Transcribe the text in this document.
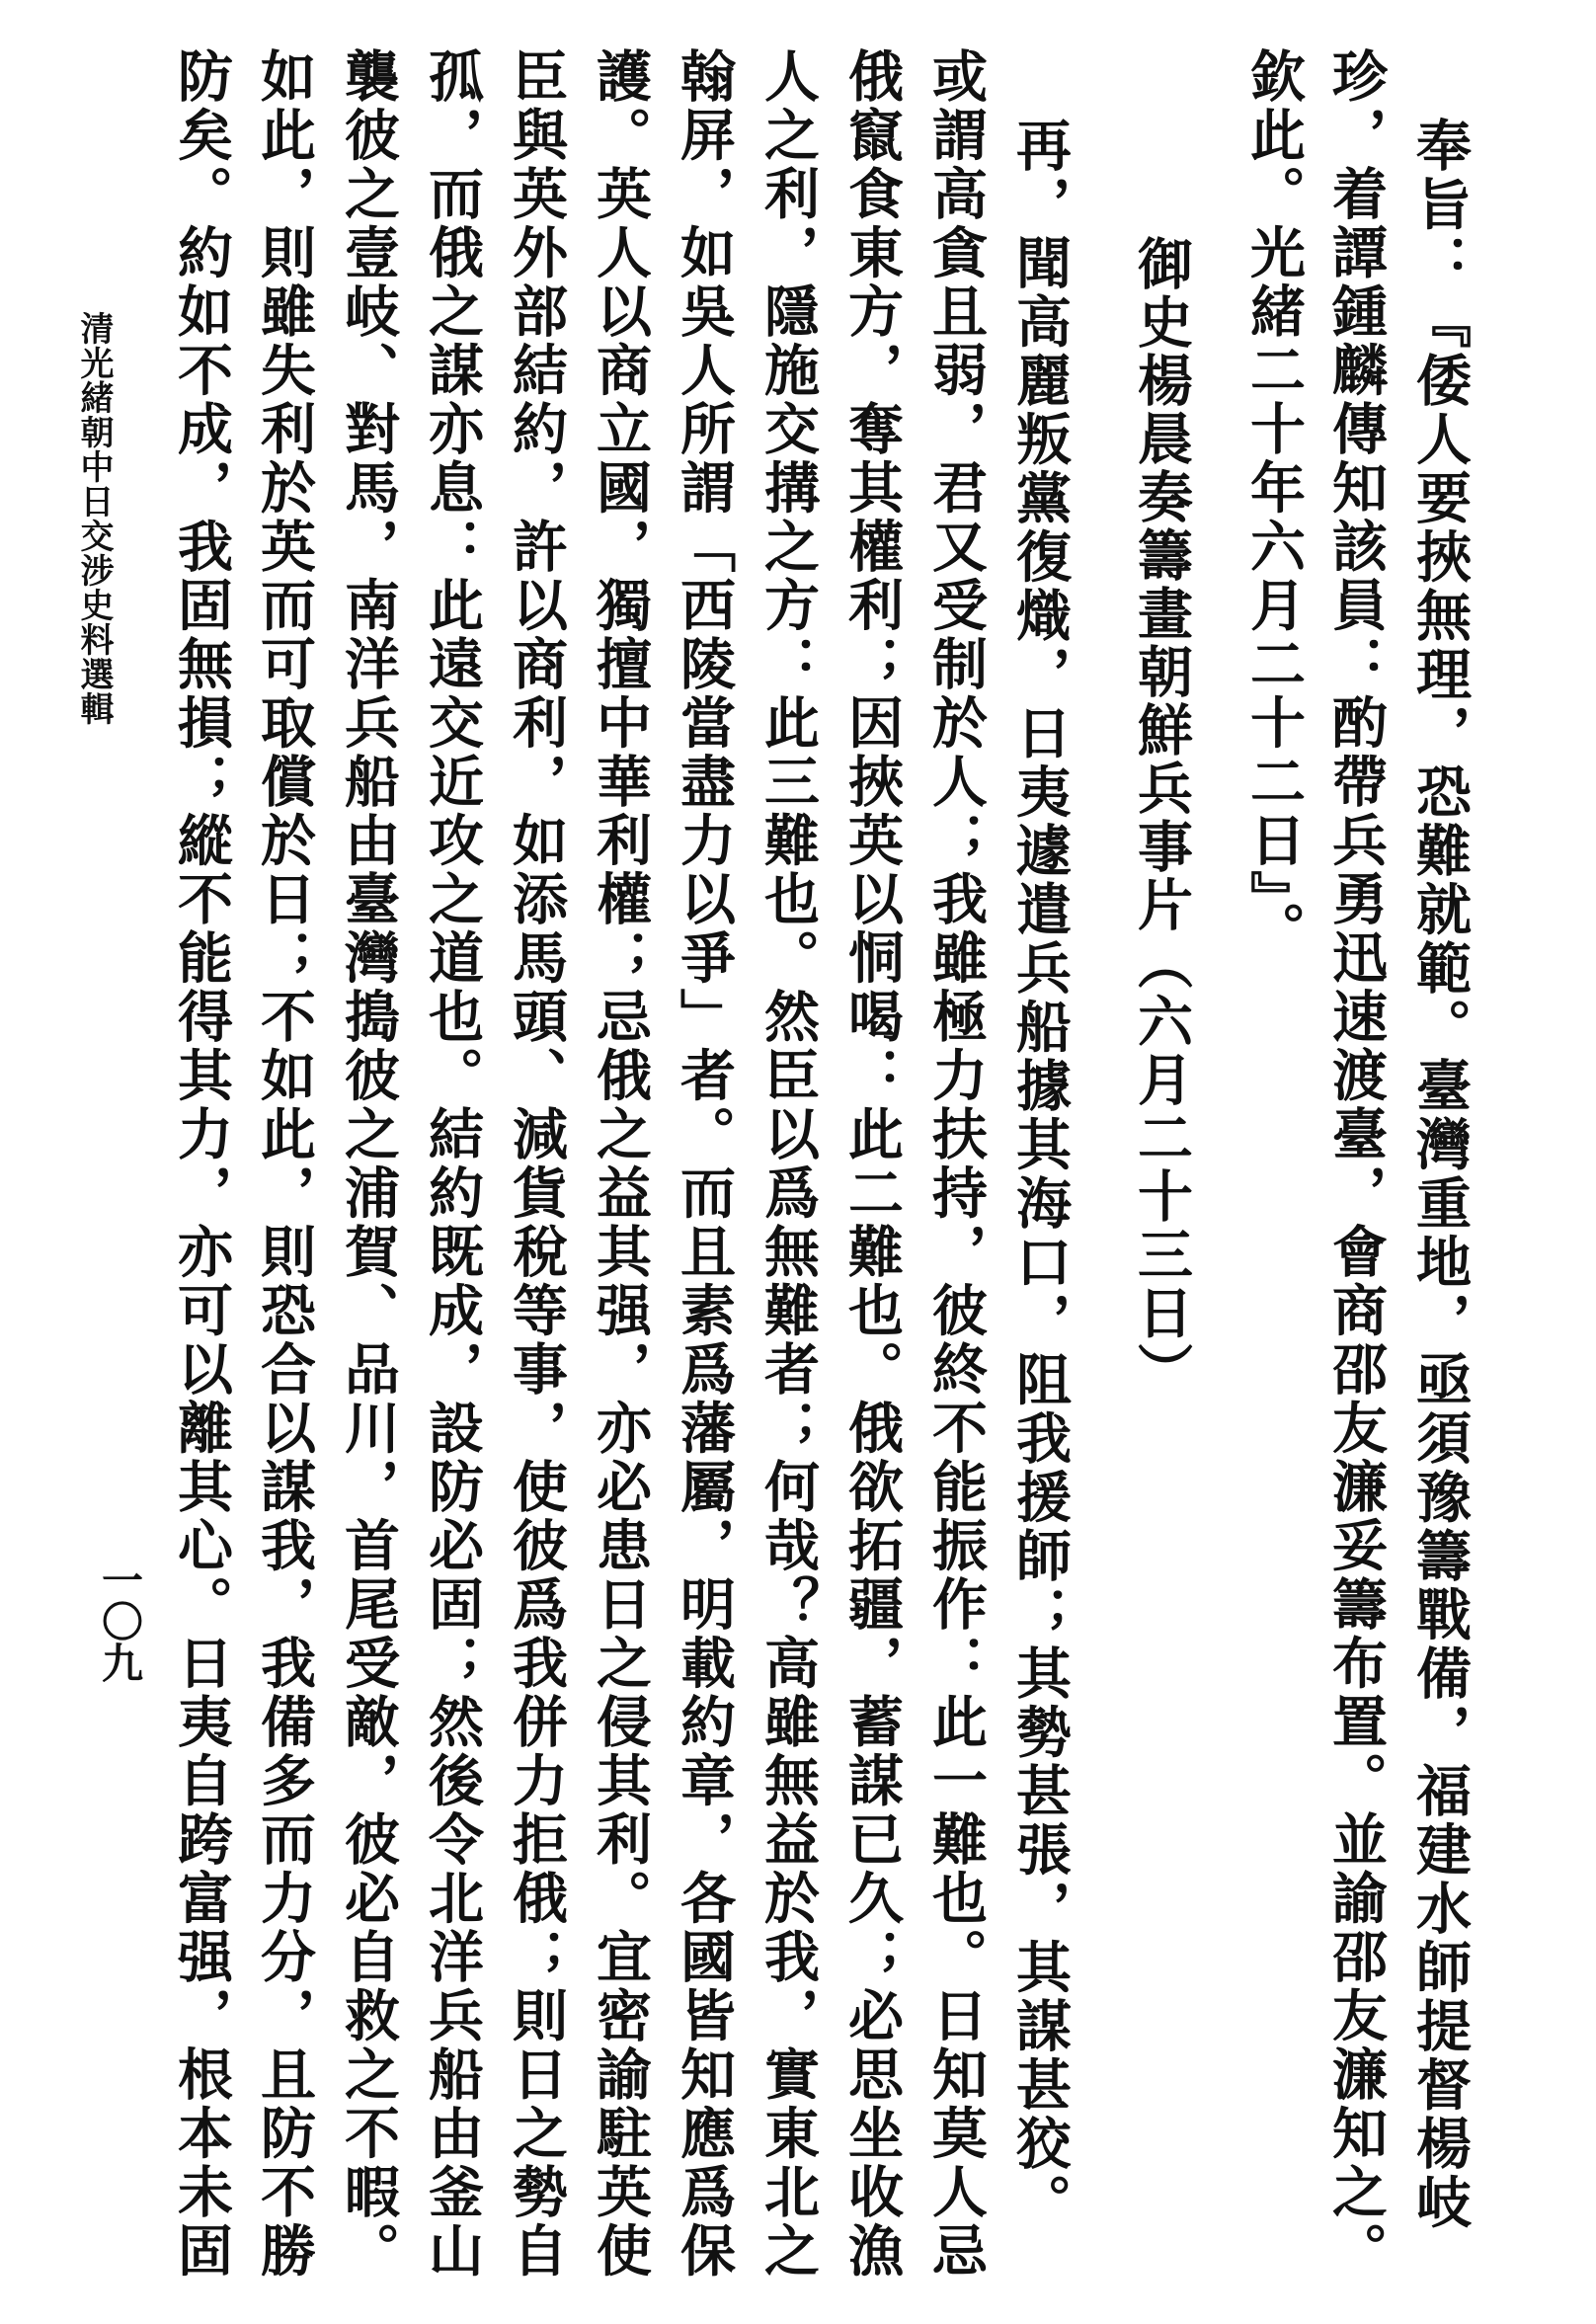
奉旨：『倭人要挾無理，恐難就範。臺灣重地，亟須豫籌戰備，福建水師提督楊岐
珍，着譚鍾麟傳知該員：酌帶兵勇迅速渡臺，會商邵友濂妥籌布置。並諭邵友濂知之。
欽此。光緒二十年六月二十二日』。
御史楊晨奏籌畫朝鮮兵事片（六月二十三日）
再，聞高麗叛黨復熾，日夷遽遣兵船據其海口，阻我援師；其勢甚張，其謀甚狡。
或謂高貪且弱，君又受制於人；我雖極力扶持，彼終不能振作：此一難也。日知莫人忌
俄竄食東方，奪其權利；因挾英以恫喝：此二難也。俄欲拓疆，蓄謀已久；必思坐收漁
人之利，隱施交搆之方：此三難也。然臣以爲無難者；何哉？高雖無益於我，實東北之
翰屏，如吳人所謂「西陵當盡力以爭」者。而且素爲藩屬，明載約章，各國皆知應爲保
護。英人以商立國，獨擅中華利權；忌俄之益其强，亦必患日之侵其利。宜密諭駐英使
臣與英外部結約，許以商利，如添馬頭、減貨稅等事，使彼爲我併力拒俄；則日之勢自
孤，而俄之謀亦息：此遠交近攻之道也。結約既成，設防必固；然後令北洋兵船由釜山
襲彼之壹岐、對馬，南洋兵船由臺灣搗彼之浦賀、品川，首尾受敵，彼必自救之不暇。
如此，則雖失利於英而可取償於日；不如此，則恐合以謀我，我備多而力分，且防不勝
防矣。約如不成，我固無損；縱不能得其力，亦可以離其心。日夷自跨富强，根本未固
清光緒朝中日交涉史料選輯
一〇九
